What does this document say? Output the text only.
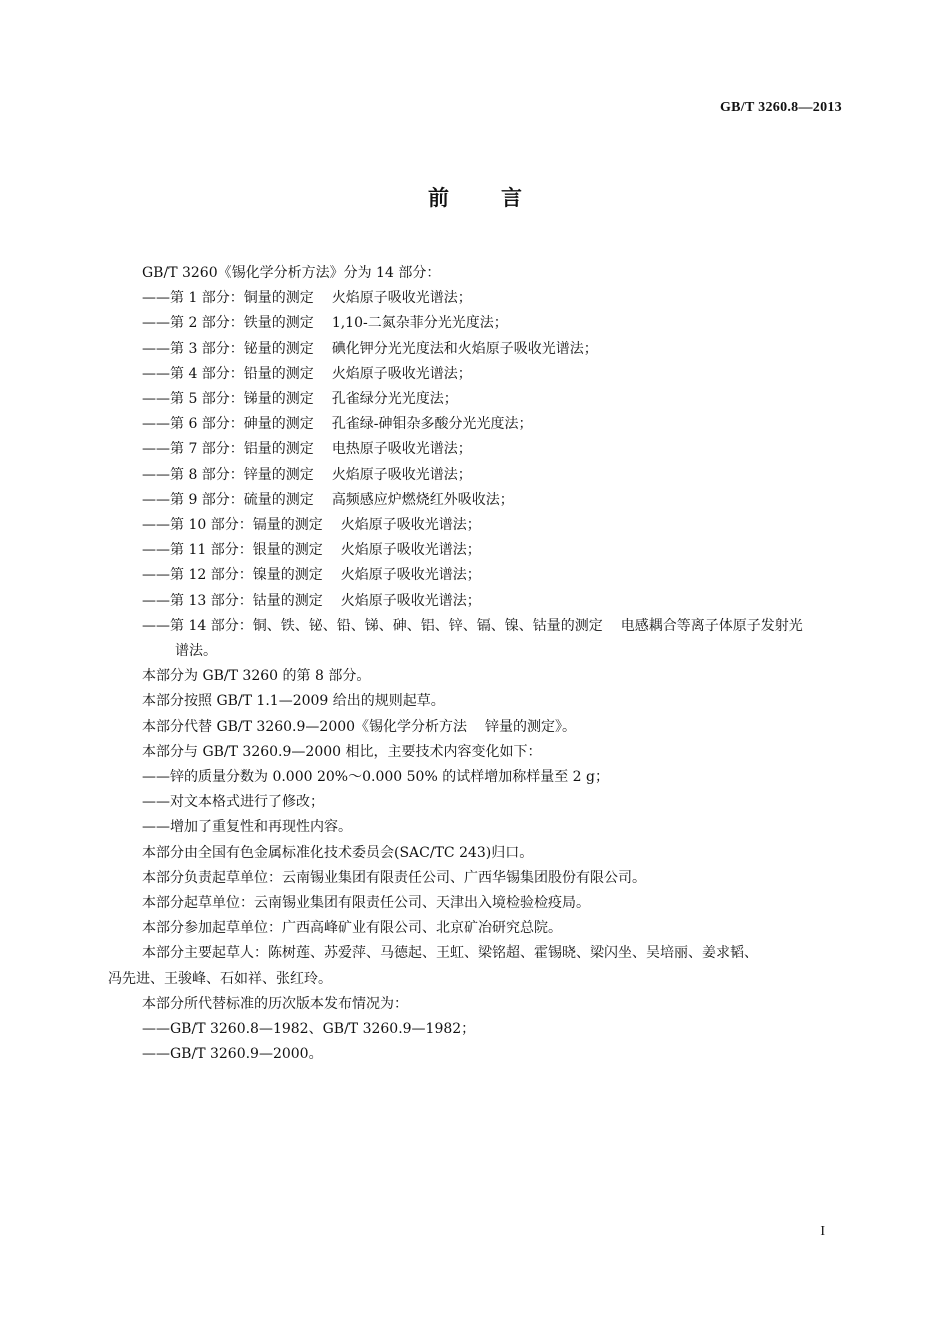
GB/T 3260.8—2013
前言
GB/T 3260《锡化学分析方法》分为 14 部分：
——第 1 部分：铜量的测定 火焰原子吸收光谱法；
——第 2 部分：铁量的测定 1,10-二氮杂菲分光光度法；
——第 3 部分：铋量的测定 碘化钾分光光度法和火焰原子吸收光谱法；
——第 4 部分：铅量的测定 火焰原子吸收光谱法；
——第 5 部分：锑量的测定 孔雀绿分光光度法；
——第 6 部分：砷量的测定 孔雀绿-砷钼杂多酸分光光度法；
——第 7 部分：铝量的测定 电热原子吸收光谱法；
——第 8 部分：锌量的测定 火焰原子吸收光谱法；
——第 9 部分：硫量的测定 高频感应炉燃烧红外吸收法；
——第 10 部分：镉量的测定 火焰原子吸收光谱法；
——第 11 部分：银量的测定 火焰原子吸收光谱法；
——第 12 部分：镍量的测定 火焰原子吸收光谱法；
——第 13 部分：钴量的测定 火焰原子吸收光谱法；
——第 14 部分：铜、铁、铋、铅、锑、砷、铝、锌、镉、镍、钴量的测定 电感耦合等离子体原子发射光
谱法。
本部分为 GB/T 3260 的第 8 部分。
本部分按照 GB/T 1.1—2009 给出的规则起草。
本部分代替 GB/T 3260.9—2000《锡化学分析方法 锌量的测定》。
本部分与 GB/T 3260.9—2000 相比，主要技术内容变化如下：
——锌的质量分数为 0.000 20%～0.000 50% 的试样增加称样量至 2 g；
——对文本格式进行了修改；
——增加了重复性和再现性内容。
本部分由全国有色金属标准化技术委员会(SAC/TC 243)归口。
本部分负责起草单位：云南锡业集团有限责任公司、广西华锡集团股份有限公司。
本部分起草单位：云南锡业集团有限责任公司、天津出入境检验检疫局。
本部分参加起草单位：广西高峰矿业有限公司、北京矿冶研究总院。
本部分主要起草人：陈树莲、苏爱萍、马德起、王虹、梁铭超、霍锡晓、梁闪坐、吴培丽、姜求韬、
冯先进、王骏峰、石如祥、张红玲。
本部分所代替标准的历次版本发布情况为：
——GB/T 3260.8—1982、GB/T 3260.9—1982；
——GB/T 3260.9—2000。
I
